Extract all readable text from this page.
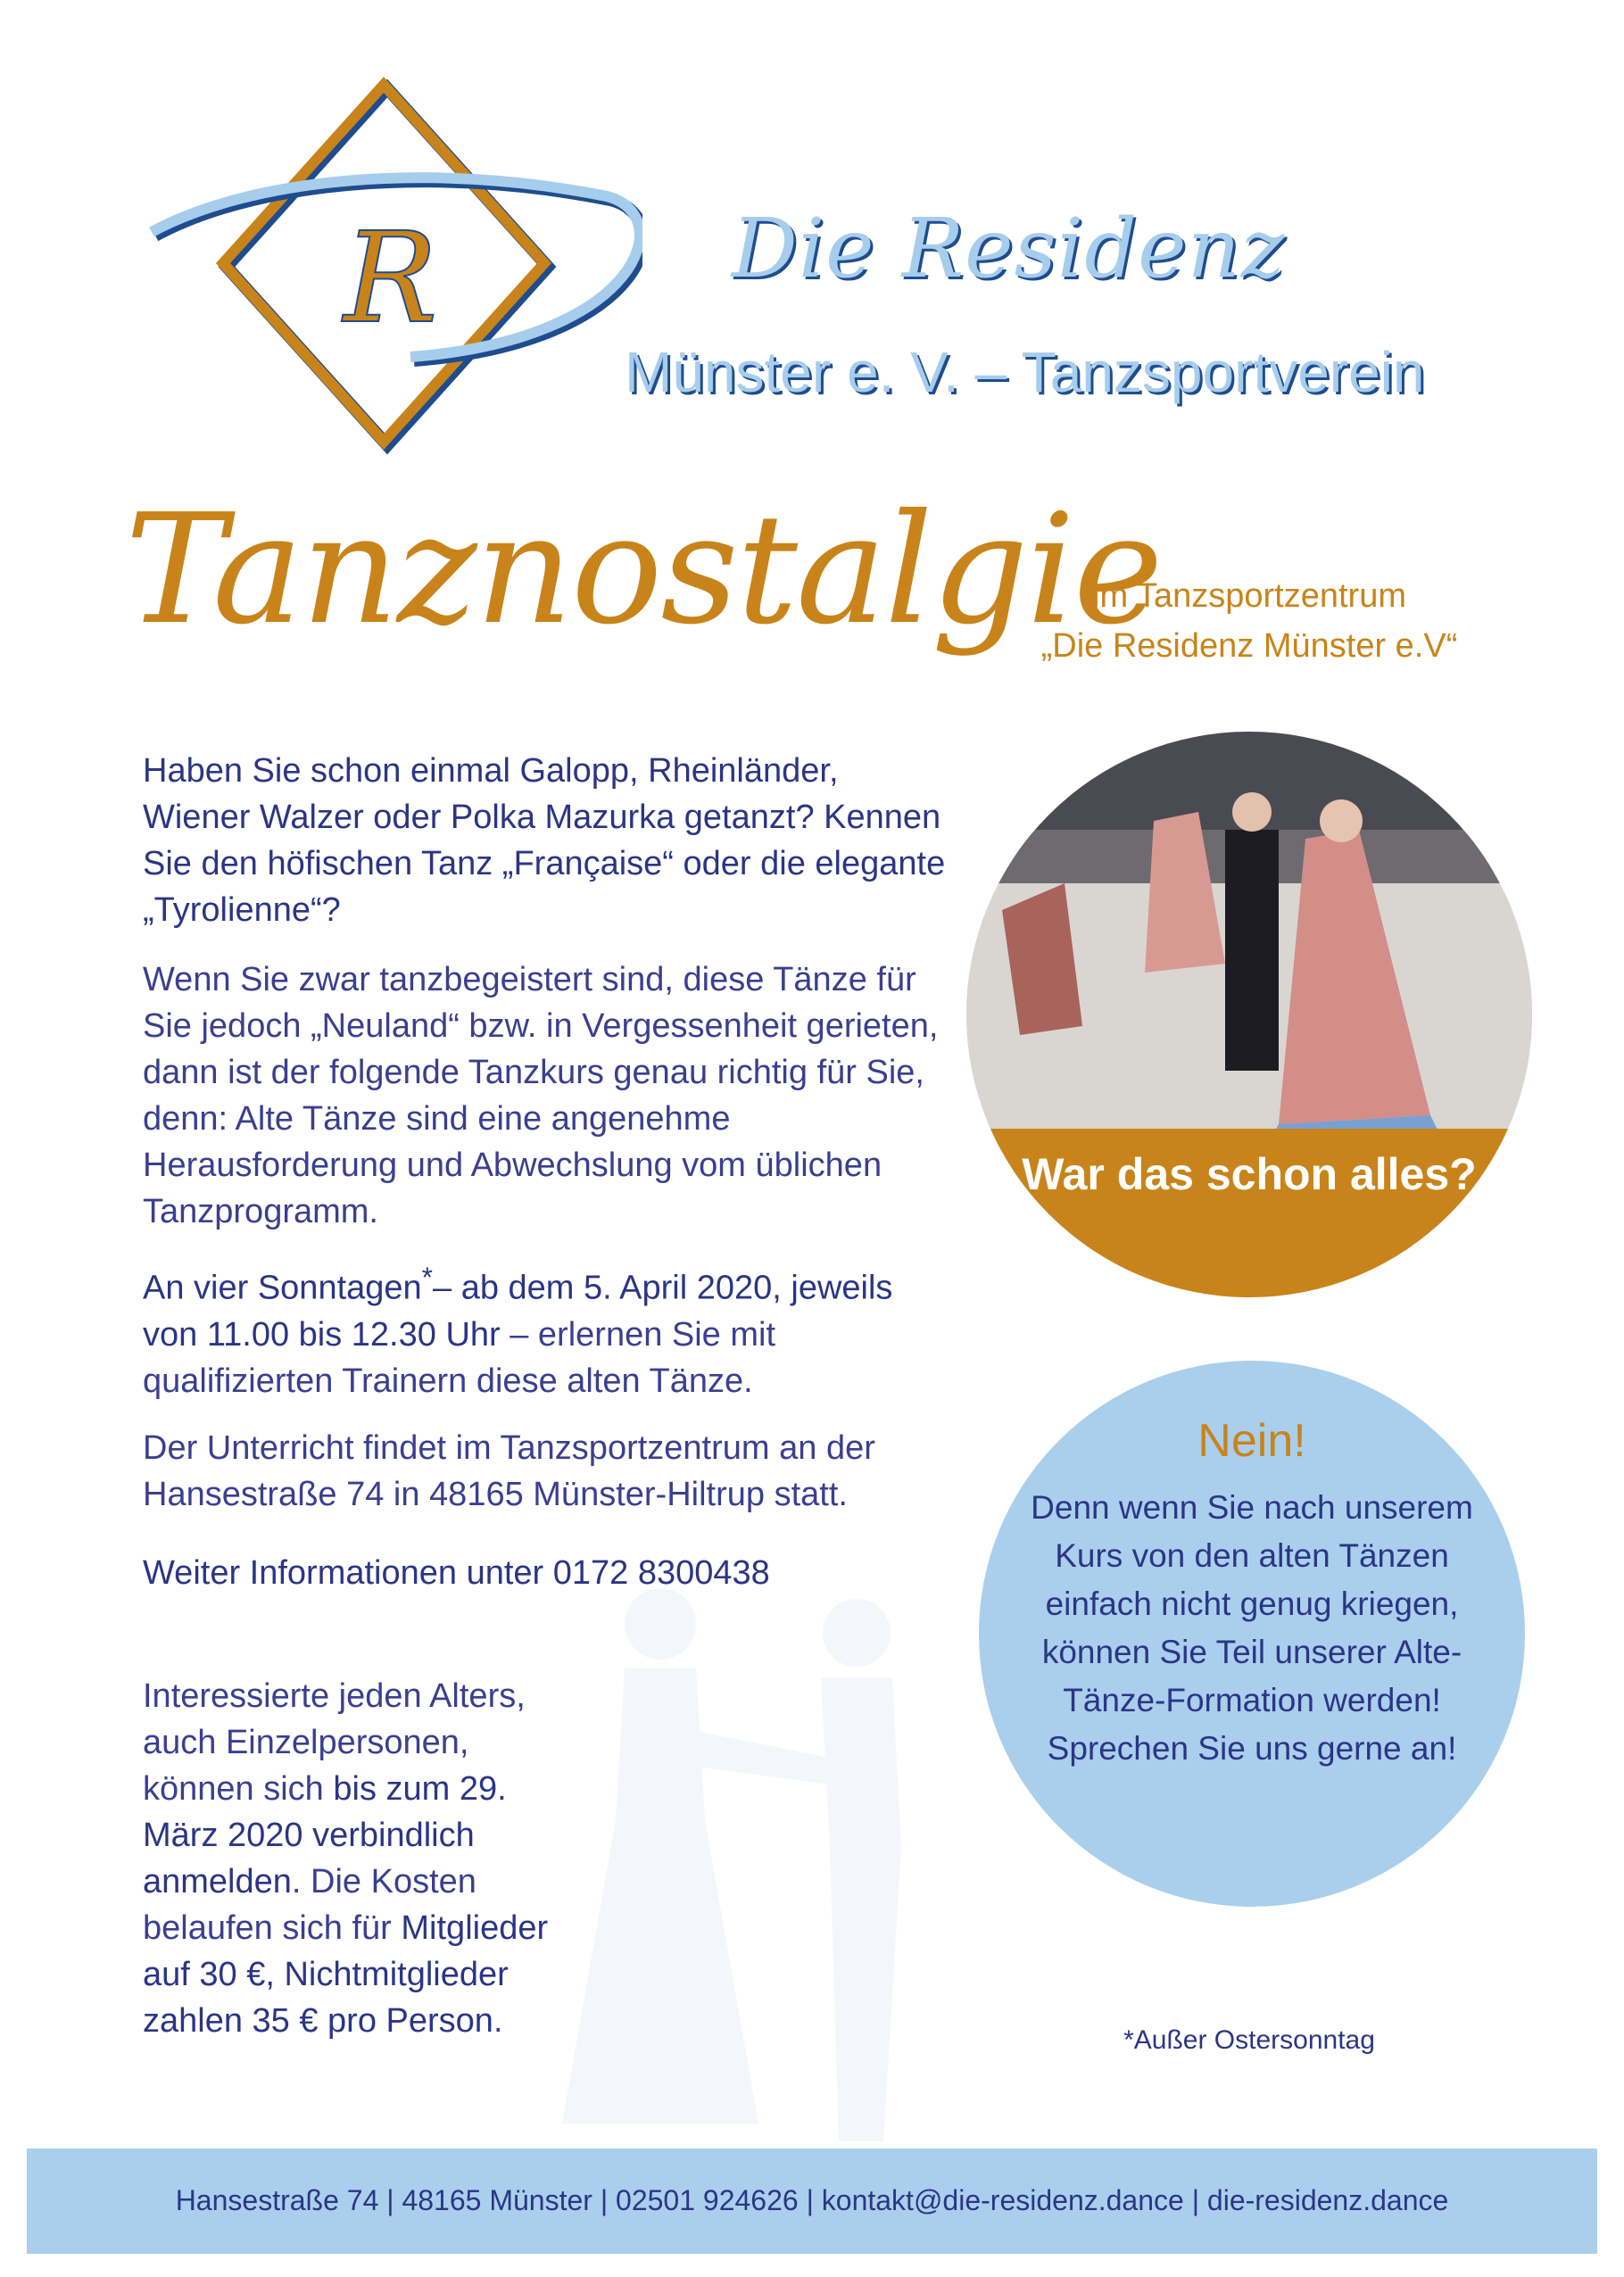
R	Die Residenz
Münster e. V. – Tanzsportverein
Tanznostalgie
im Tanzsportzentrum
„Die Residenz Münster e.V“
Haben Sie schon einmal Galopp, Rheinländer, Wiener Walzer oder Polka Mazurka getanzt? Kennen Sie den höfischen Tanz „Française“ oder die elegante „Tyrolienne“?
Wenn Sie zwar tanzbegeistert sind, diese Tänze für Sie jedoch „Neuland“ bzw. in Vergessenheit gerieten, dann ist der folgende Tanzkurs genau richtig für Sie, denn: Alte Tänze sind eine angenehme Herausforderung und Abwechslung vom üblichen Tanzprogramm.
An vier Sonntagen*– ab dem 5. April 2020, jeweils von 11.00 bis 12.30 Uhr – erlernen Sie mit qualifizierten Trainern diese alten Tänze.
Der Unterricht findet im Tanzsportzentrum an der Hansestraße 74 in 48165 Münster-Hiltrup statt.
Weiter Informationen unter 0172 8300438
Interessierte jeden Alters, auch Einzelpersonen, können sich bis zum 29. März 2020 verbindlich anmelden. Die Kosten belaufen sich für Mitglieder auf 30 €, Nichtmitglieder zahlen 35 € pro Person.
War das schon alles?
Nein!
Denn wenn Sie nach unserem Kurs von den alten Tänzen einfach nicht genug kriegen, können Sie Teil unserer Alte-Tänze-Formation werden! Sprechen Sie uns gerne an!
*Außer Ostersonntag
Hansestraße 74 | 48165 Münster | 02501 924626 | kontakt@die-residenz.dance | die-residenz.dance
